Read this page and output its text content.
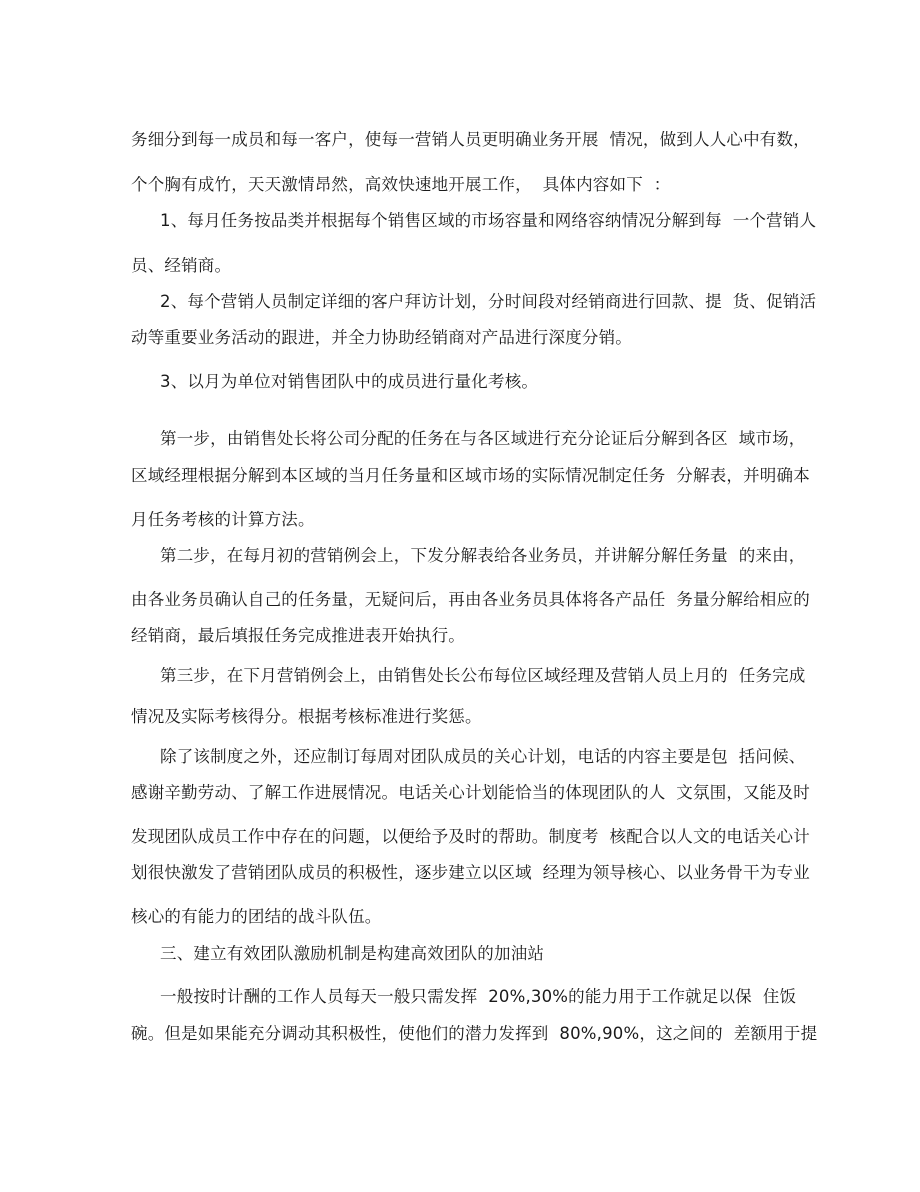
务细分到每一成员和每一客户，使每一营销人员更明确业务开展  情况，做到人人心中有数，
个个胸有成竹，天天激情昂然，高效快速地开展工作，  具体内容如下  ：
1、每月任务按品类并根据每个销售区域的市场容量和网络容纳情况分解到每  一个营销人
员、经销商。
2、每个营销人员制定详细的客户拜访计划，分时间段对经销商进行回款、提  货、促销活
动等重要业务活动的跟进，并全力协助经销商对产品进行深度分销。
3、以月为单位对销售团队中的成员进行量化考核。
第一步，由销售处长将公司分配的任务在与各区域进行充分论证后分解到各区  域市场，
区域经理根据分解到本区域的当月任务量和区域市场的实际情况制定任务  分解表，并明确本
月任务考核的计算方法。
第二步，在每月初的营销例会上，下发分解表给各业务员，并讲解分解任务量  的来由，
由各业务员确认自己的任务量，无疑问后，再由各业务员具体将各产品任  务量分解给相应的
经销商，最后填报任务完成推进表开始执行。
第三步，在下月营销例会上，由销售处长公布每位区域经理及营销人员上月的  任务完成
情况及实际考核得分。根据考核标准进行奖惩。
除了该制度之外，还应制订每周对团队成员的关心计划，电话的内容主要是包  括问候、
感谢辛勤劳动、了解工作进展情况。电话关心计划能恰当的体现团队的人  文氛围，又能及时
发现团队成员工作中存在的问题，以便给予及时的帮助。制度考  核配合以人文的电话关心计
划很快激发了营销团队成员的积极性，逐步建立以区域  经理为领导核心、以业务骨干为专业
核心的有能力的团结的战斗队伍。
三、建立有效团队激励机制是构建高效团队的加油站
一般按时计酬的工作人员每天一般只需发挥  20%,30%的能力用于工作就足以保  住饭
碗。但是如果能充分调动其积极性，使他们的潜力发挥到  80%,90%，这之间的  差额用于提
